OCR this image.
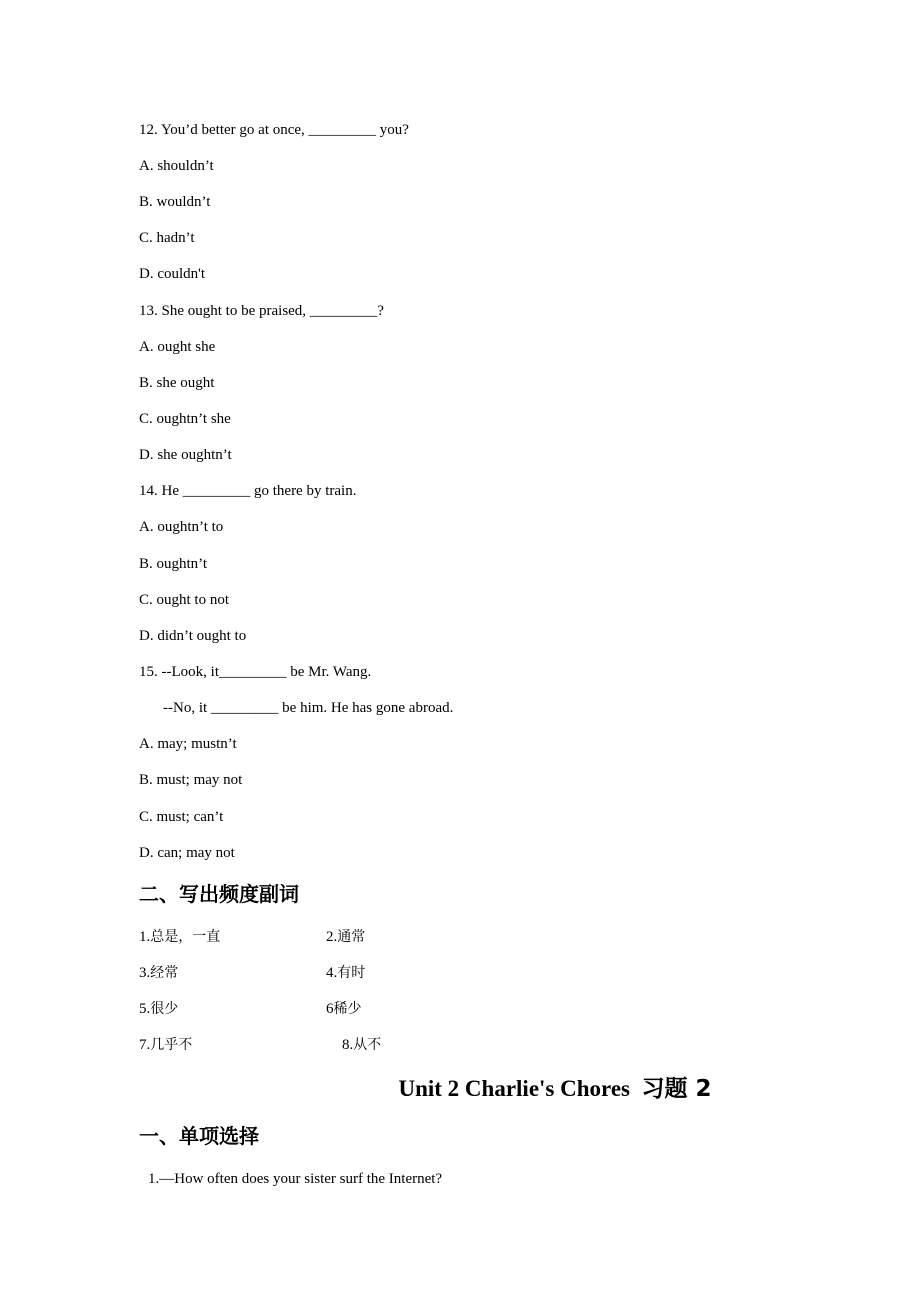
12. You’d better go at once, _________ you?
A. shouldn’t
B. wouldn’t
C. hadn’t
D. couldn't
13. She ought to be praised, _________?
A. ought she
B. she ought
C. oughtn’t she
D. she oughtn’t
14. He _________ go there by train.
A. oughtn’t to
B. oughtn’t
C. ought to not
D. didn’t ought to
15. --Look, it_________ be Mr. Wang.
--No, it _________ be him. He has gone abroad.
A. may; mustn’t
B. must; may not
C. must; can’t
D. can; may not
二、写出频度副词
1.总是，一直	2.通常
3.经常	4.有时
5.很少	6稀少
7.几乎不	8.从不
Unit 2 Charlie's Chores 习题 2
一、单项选择
1.—How often does your sister surf the Internet?
